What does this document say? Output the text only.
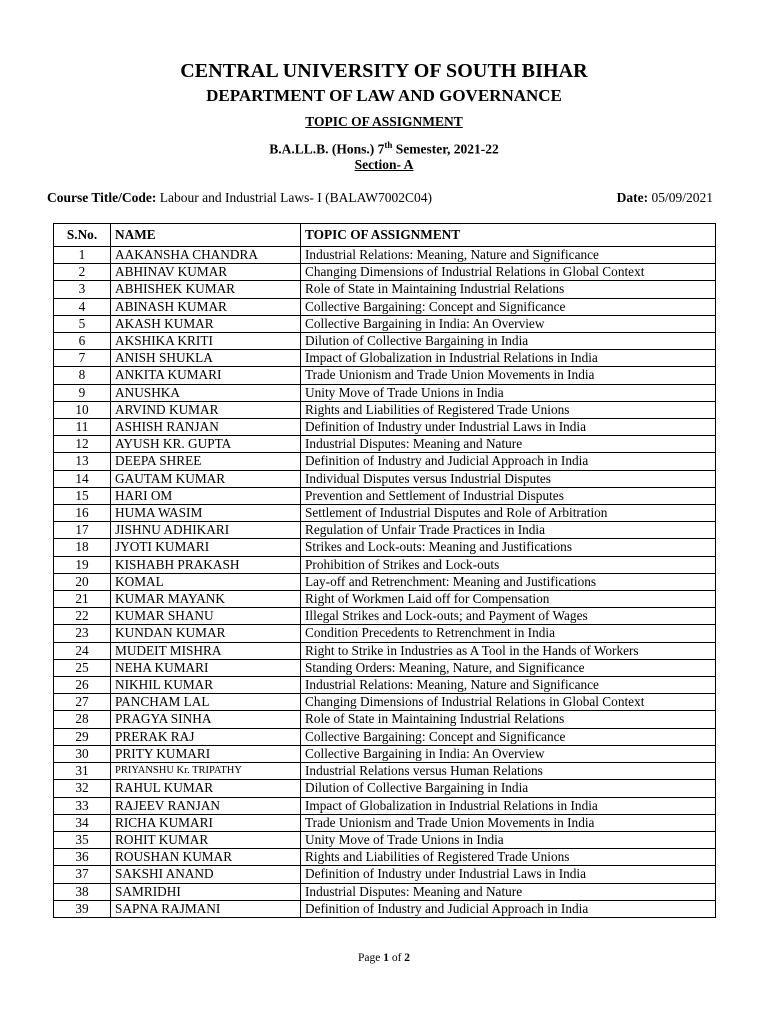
CENTRAL UNIVERSITY OF SOUTH BIHAR
DEPARTMENT OF LAW AND GOVERNANCE
TOPIC OF ASSIGNMENT
B.A.LL.B. (Hons.) 7th Semester, 2021-22
Section- A
Course Title/Code: Labour and Industrial Laws- I (BALAW7002C04)	Date: 05/09/2021
S.No.	NAME	TOPIC OF ASSIGNMENT
1	AAKANSHA CHANDRA	Industrial Relations: Meaning, Nature and Significance
2	ABHINAV KUMAR	Changing Dimensions of Industrial Relations in Global Context
3	ABHISHEK KUMAR	Role of State in Maintaining Industrial Relations
4	ABINASH KUMAR	Collective Bargaining: Concept and Significance
5	AKASH KUMAR	Collective Bargaining in India: An Overview
6	AKSHIKA KRITI	Dilution of Collective Bargaining in India
7	ANISH SHUKLA	Impact of Globalization in Industrial Relations in India
8	ANKITA KUMARI	Trade Unionism and Trade Union Movements in India
9	ANUSHKA	Unity Move of Trade Unions in India
10	ARVIND KUMAR	Rights and Liabilities of Registered Trade Unions
11	ASHISH RANJAN	Definition of Industry under Industrial Laws in India
12	AYUSH KR. GUPTA	Industrial Disputes: Meaning and Nature
13	DEEPA SHREE	Definition of Industry and Judicial Approach in India
14	GAUTAM KUMAR	Individual Disputes versus Industrial Disputes
15	HARI OM	Prevention and Settlement of Industrial Disputes
16	HUMA WASIM	Settlement of Industrial Disputes and Role of Arbitration
17	JISHNU ADHIKARI	Regulation of Unfair Trade Practices in India
18	JYOTI KUMARI	Strikes and Lock-outs: Meaning and Justifications
19	KISHABH PRAKASH	Prohibition of Strikes and Lock-outs
20	KOMAL	Lay-off and Retrenchment: Meaning and Justifications
21	KUMAR MAYANK	Right of Workmen Laid off for Compensation
22	KUMAR SHANU	Illegal Strikes and Lock-outs; and Payment of Wages
23	KUNDAN KUMAR	Condition Precedents to Retrenchment in India
24	MUDEIT MISHRA	Right to Strike in Industries as A Tool in the Hands of Workers
25	NEHA KUMARI	Standing Orders: Meaning, Nature, and Significance
26	NIKHIL KUMAR	Industrial Relations: Meaning, Nature and Significance
27	PANCHAM LAL	Changing Dimensions of Industrial Relations in Global Context
28	PRAGYA SINHA	Role of State in Maintaining Industrial Relations
29	PRERAK RAJ	Collective Bargaining: Concept and Significance
30	PRITY KUMARI	Collective Bargaining in India: An Overview
31	PRIYANSHU Kr. TRIPATHY	Industrial Relations versus Human Relations
32	RAHUL KUMAR	Dilution of Collective Bargaining in India
33	RAJEEV RANJAN	Impact of Globalization in Industrial Relations in India
34	RICHA KUMARI	Trade Unionism and Trade Union Movements in India
35	ROHIT KUMAR	Unity Move of Trade Unions in India
36	ROUSHAN KUMAR	Rights and Liabilities of Registered Trade Unions
37	SAKSHI ANAND	Definition of Industry under Industrial Laws in India
38	SAMRIDHI	Industrial Disputes: Meaning and Nature
39	SAPNA RAJMANI	Definition of Industry and Judicial Approach in India
Page 1 of 2
